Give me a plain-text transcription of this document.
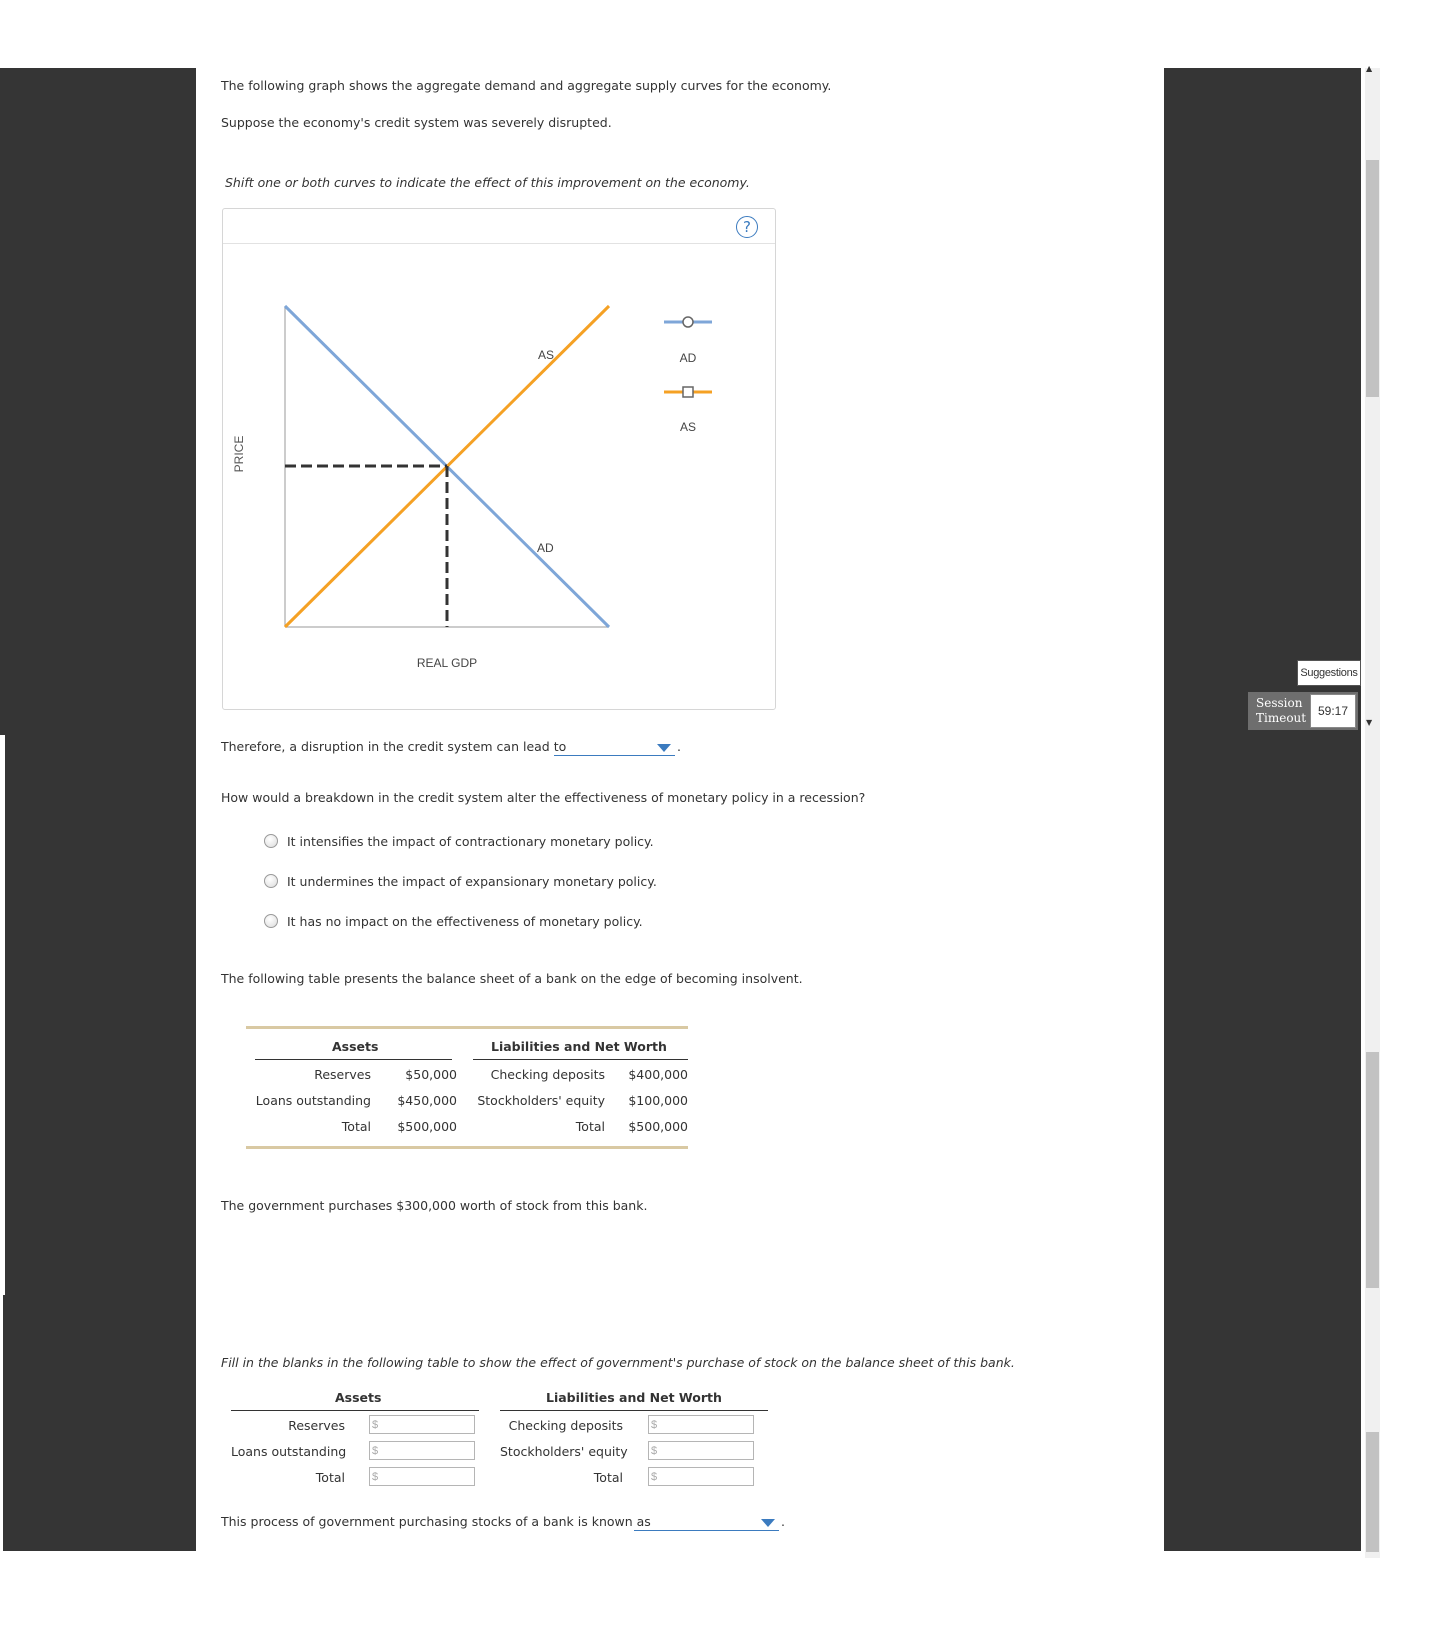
▲
▼
Suggestions
Session
Timeout 59:17
The following graph shows the aggregate demand and aggregate supply curves for the economy.
Suppose the economy's credit system was severely disrupted.
Shift one or both curves to indicate the effect of this improvement on the economy.
?
AS
AD
PRICE
REAL GDP
AD
AS
Therefore, a disruption in the credit system can lead to	.
How would a breakdown in the credit system alter the effectiveness of monetary policy in a recession?
It intensifies the impact of contractionary monetary policy.
It undermines the impact of expansionary monetary policy.
It has no impact on the effectiveness of monetary policy.
The following table presents the balance sheet of a bank on the edge of becoming insolvent.
Assets	Liabilities and Net Worth
Reserves	$50,000	Checking deposits	$400,000
Loans outstanding	$450,000	Stockholders' equity	$100,000
Total	$500,000	Total	$500,000
The government purchases $300,000 worth of stock from this bank.
Fill in the blanks in the following table to show the effect of government's purchase of stock on the balance sheet of this bank.
Assets	Liabilities and Net Worth
Reserves $	Checking deposits	$
Loans outstanding $	Stockholders' equity $
Total $	Total	$
This process of government purchasing stocks of a bank is known as	.
